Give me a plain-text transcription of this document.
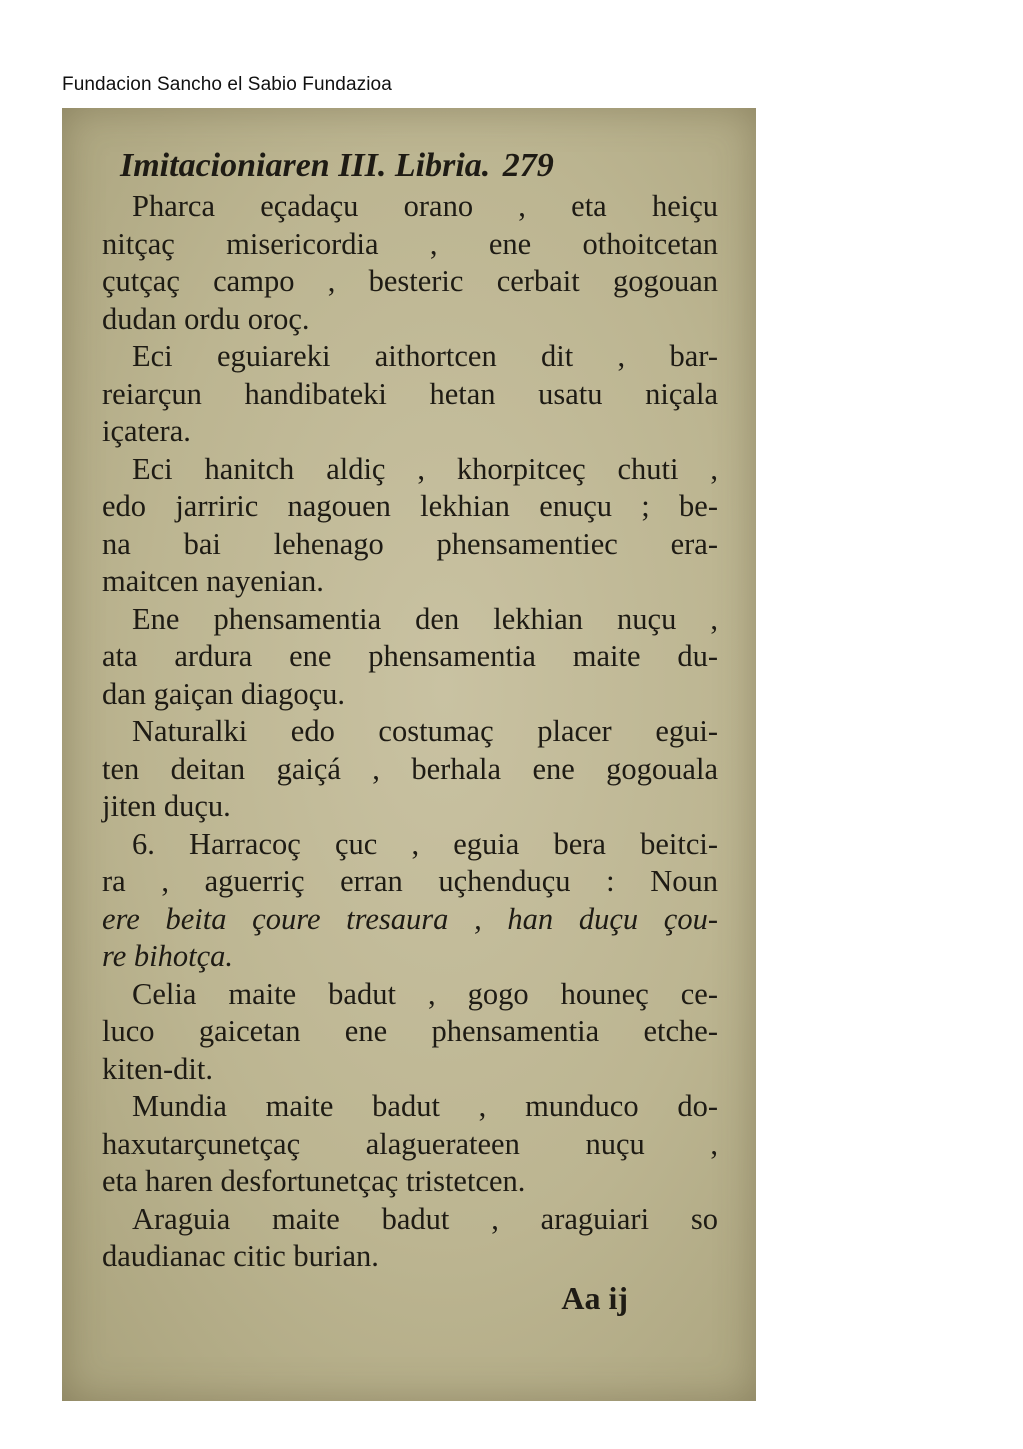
Fundacion Sancho el Sabio Fundazioa
Imitacioniaren III. Libria. 279
Pharca eçadaçu orano , eta heiçu
nitçaç misericordia , ene othoitcetan
çutçaç campo , besteric cerbait gogouan
dudan ordu oroç.
Eci eguiareki aithortcen dit , bar-
reiarçun handibateki hetan usatu niçala
içatera.
Eci hanitch aldiç , khorpitceç chuti ,
edo jarriric nagouen lekhian enuçu ; be-
na bai lehenago phensamentiec era-
maitcen nayenian.
Ene phensamentia den lekhian nuçu ,
ata ardura ene phensamentia maite du-
dan gaiçan diagoçu.
Naturalki edo costumaç placer egui-
ten deitan gaiçá , berhala ene gogouala
jiten duçu.
6. Harracoç çuc , eguia bera beitci-
ra , aguerriç erran uçhenduçu : Noun
ere beita çoure tresaura , han duçu çou-
re bihotça.
Celia maite badut , gogo houneç ce-
luco gaicetan ene phensamentia etche-
kiten-dit.
Mundia maite badut , munduco do-
haxutarçunetçaç alaguerateen nuçu ,
eta haren desfortunetçaç tristetcen.
Araguia maite badut , araguiari so
daudianac citic burian.
Aa ij
